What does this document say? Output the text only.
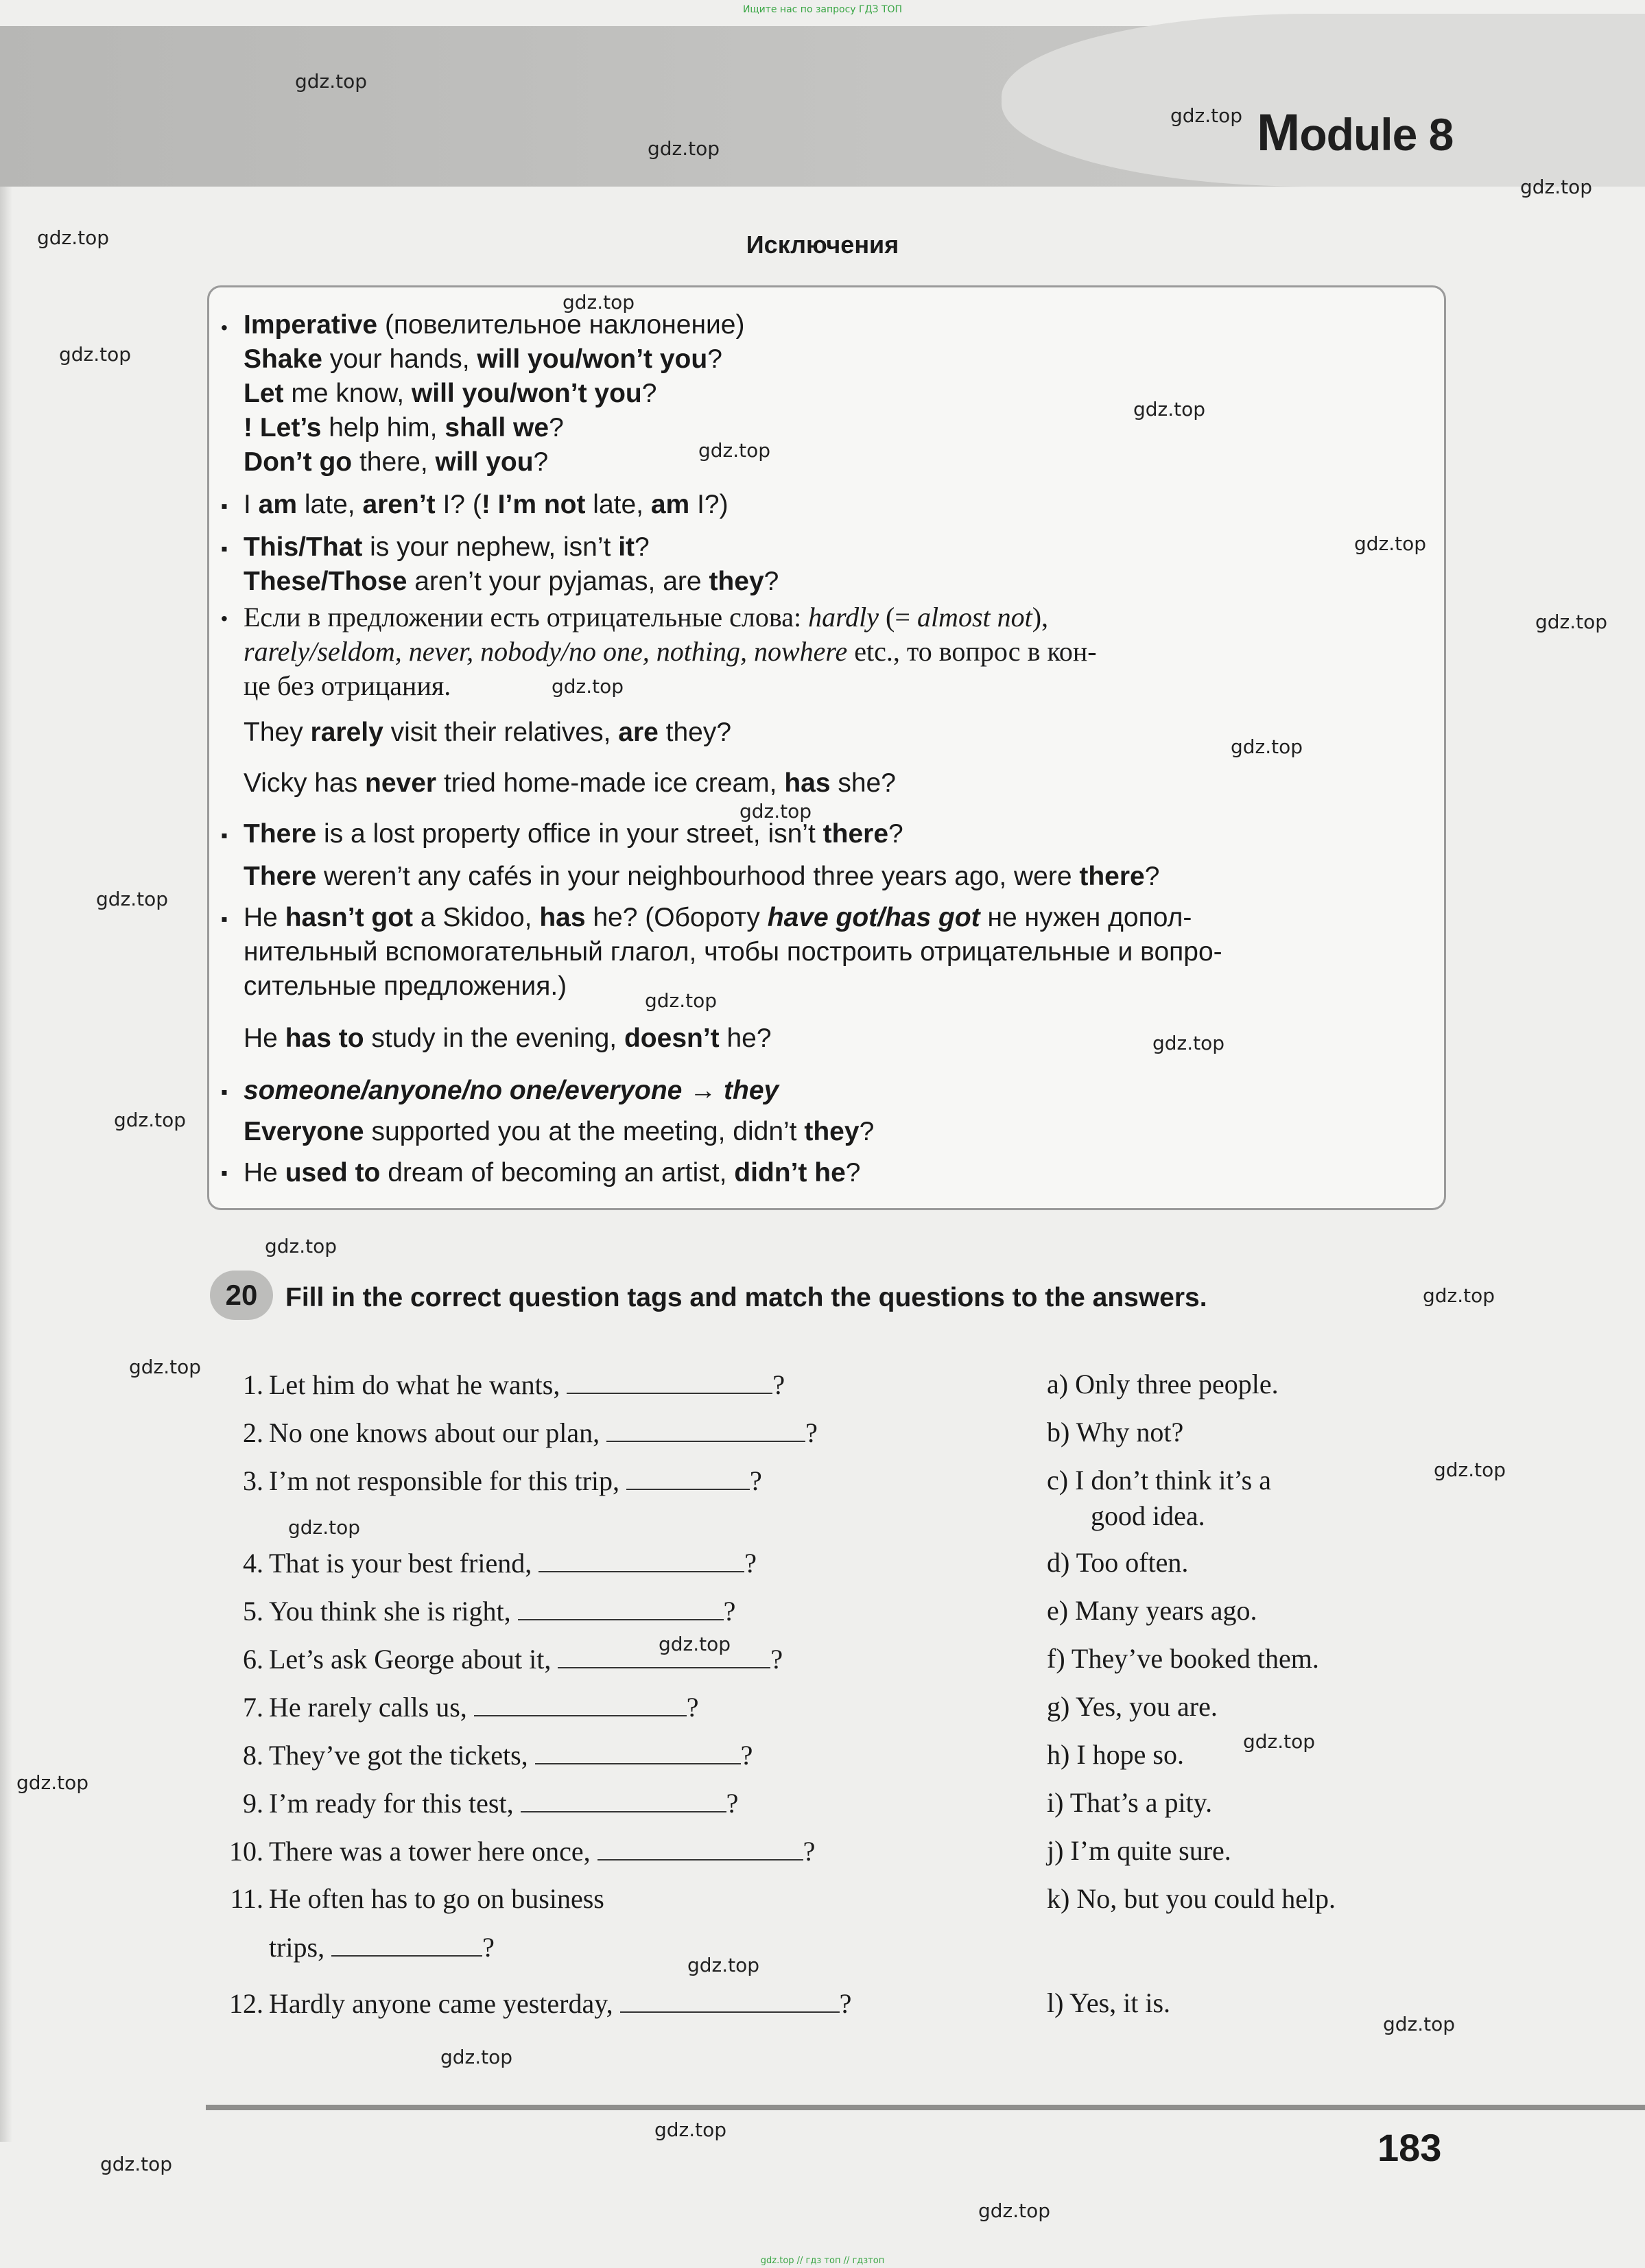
Ищите нас по запросу ГДЗ ТОП
Module 8
Исключения
•
▪
▪
•
▪
▪
▪
▪
Imperative (повелительное наклонение)
Shake your hands, will you/won’t you?
Let me know, will you/won’t you?
! Let’s help him, shall we?
Don’t go there, will you?
I am late, aren’t I? (! I’m not late, am I?)
This/That is your nephew, isn’t it?
These/Those aren’t your pyjamas, are they?
Если в предложении есть отрицательные слова: hardly (= almost not),
rarely/seldom, never, nobody/no one, nothing, nowhere etc., то вопрос в кон-
це без отрицания.
They rarely visit their relatives, are they?
Vicky has never tried home-made ice cream, has she?
There is a lost property office in your street, isn’t there?
There weren’t any cafés in your neighbourhood three years ago, were there?
He hasn’t got a Skidoo, has he? (Обороту have got/has got не нужен допол-
нительный вспомогательный глагол, чтобы построить отрицательные и вопро-
сительные предложения.)
He has to study in the evening, doesn’t he?
someone/anyone/no one/everyone → they
Everyone supported you at the meeting, didn’t they?
He used to dream of becoming an artist, didn’t he?
20	Fill in the correct question tags and match the questions to the answers.
1. Let him do what he wants,	?
2. No one knows about our plan,	?
3. I’m not responsible for this trip,	?
4. That is your best friend,	?
5. You think she is right,	?
6. Let’s ask George about it,	?
7. He rarely calls us,	?
8. They’ve got the tickets,	?
9. I’m ready for this test,	?
10. There was a tower here once,	?
11. He often has to go on business
trips,	?
12. Hardly anyone came yesterday,	?
a) Only three people.
b) Why not?
c) I don’t think it’s a
good idea.
d) Too often.
e) Many years ago.
f) They’ve booked them.
g) Yes, you are.
h) I hope so.
i) That’s a pity.
j) I’m quite sure.
k) No, but you could help.
l) Yes, it is.
183
gdz.top
gdz.top
gdz.top
gdz.top
gdz.top
gdz.top
gdz.top
gdz.top
gdz.top
gdz.top
gdz.top
gdz.top
gdz.top
gdz.top
gdz.top
gdz.top
gdz.top
gdz.top
gdz.top
gdz.top
gdz.top
gdz.top
gdz.top
gdz.top
gdz.top
gdz.top
gdz.top
gdz.top
gdz.top
gdz.top
gdz.top
gdz.top
gdz.top // гдз топ // гдзтоп
